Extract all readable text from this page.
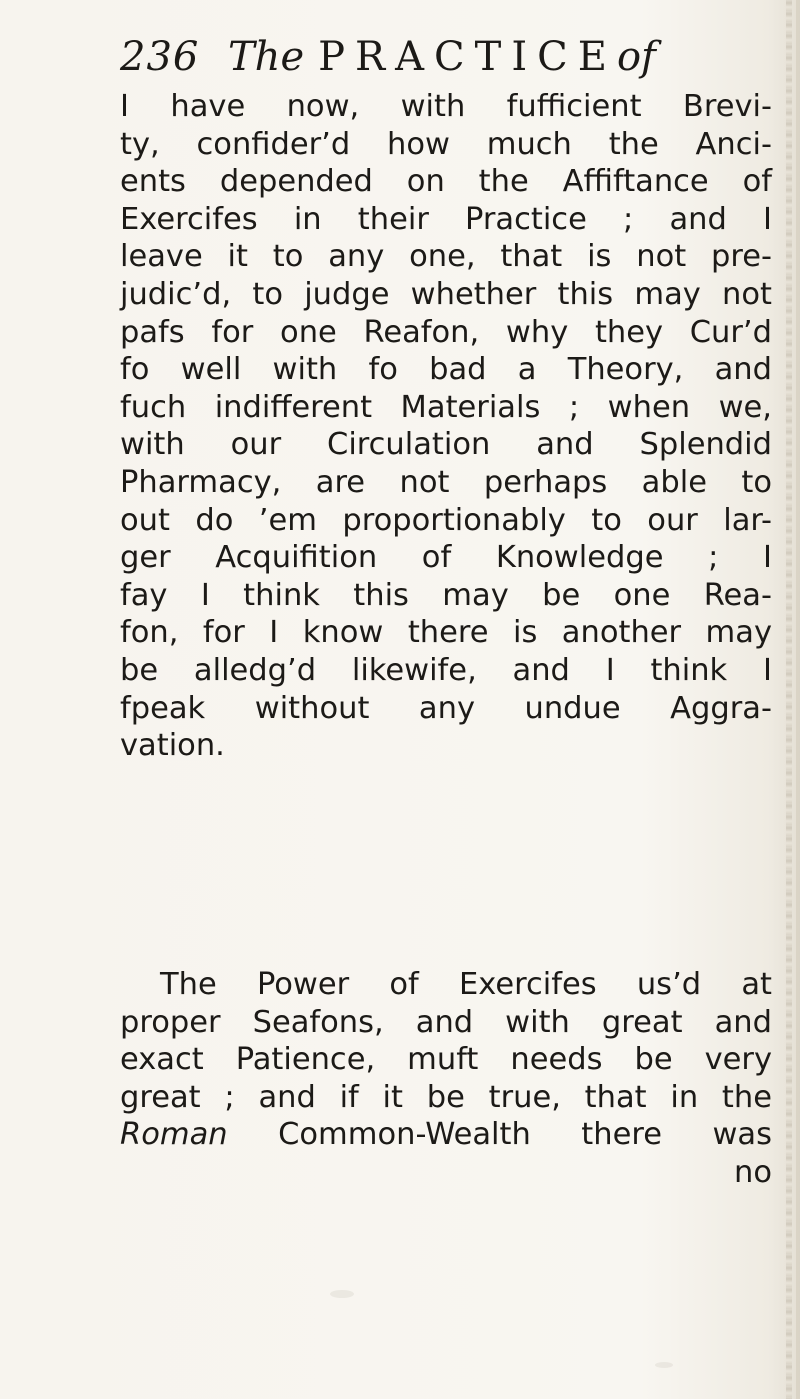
236 The PRACTICEof
I have now, with fufficient Brevi-
ty, confider’d how much the Anci-
ents depended on the Affiftance of
Exercifes in their Practice ; and I
leave it to any one, that is not pre-
judic’d, to judge whether this may not
pafs for one Reafon, why they Cur’d
fo well with fo bad a Theory, and
fuch indifferent Materials ; when we,
with our Circulation and Splendid
Pharmacy, are not perhaps able to
out do ’em proportionably to our lar-
ger Acquifition of Knowledge ; I
fay I think this may be one Rea-
fon, for I know there is another may
be alledg’d likewife, and I think I
fpeak without any undue Aggra-
vation.
The Power of Exercifes us’d at
proper Seafons, and with great and
exact Patience, muft needs be very
great ; and if it be true, that in the
Roman Common-Wealth there was
no
